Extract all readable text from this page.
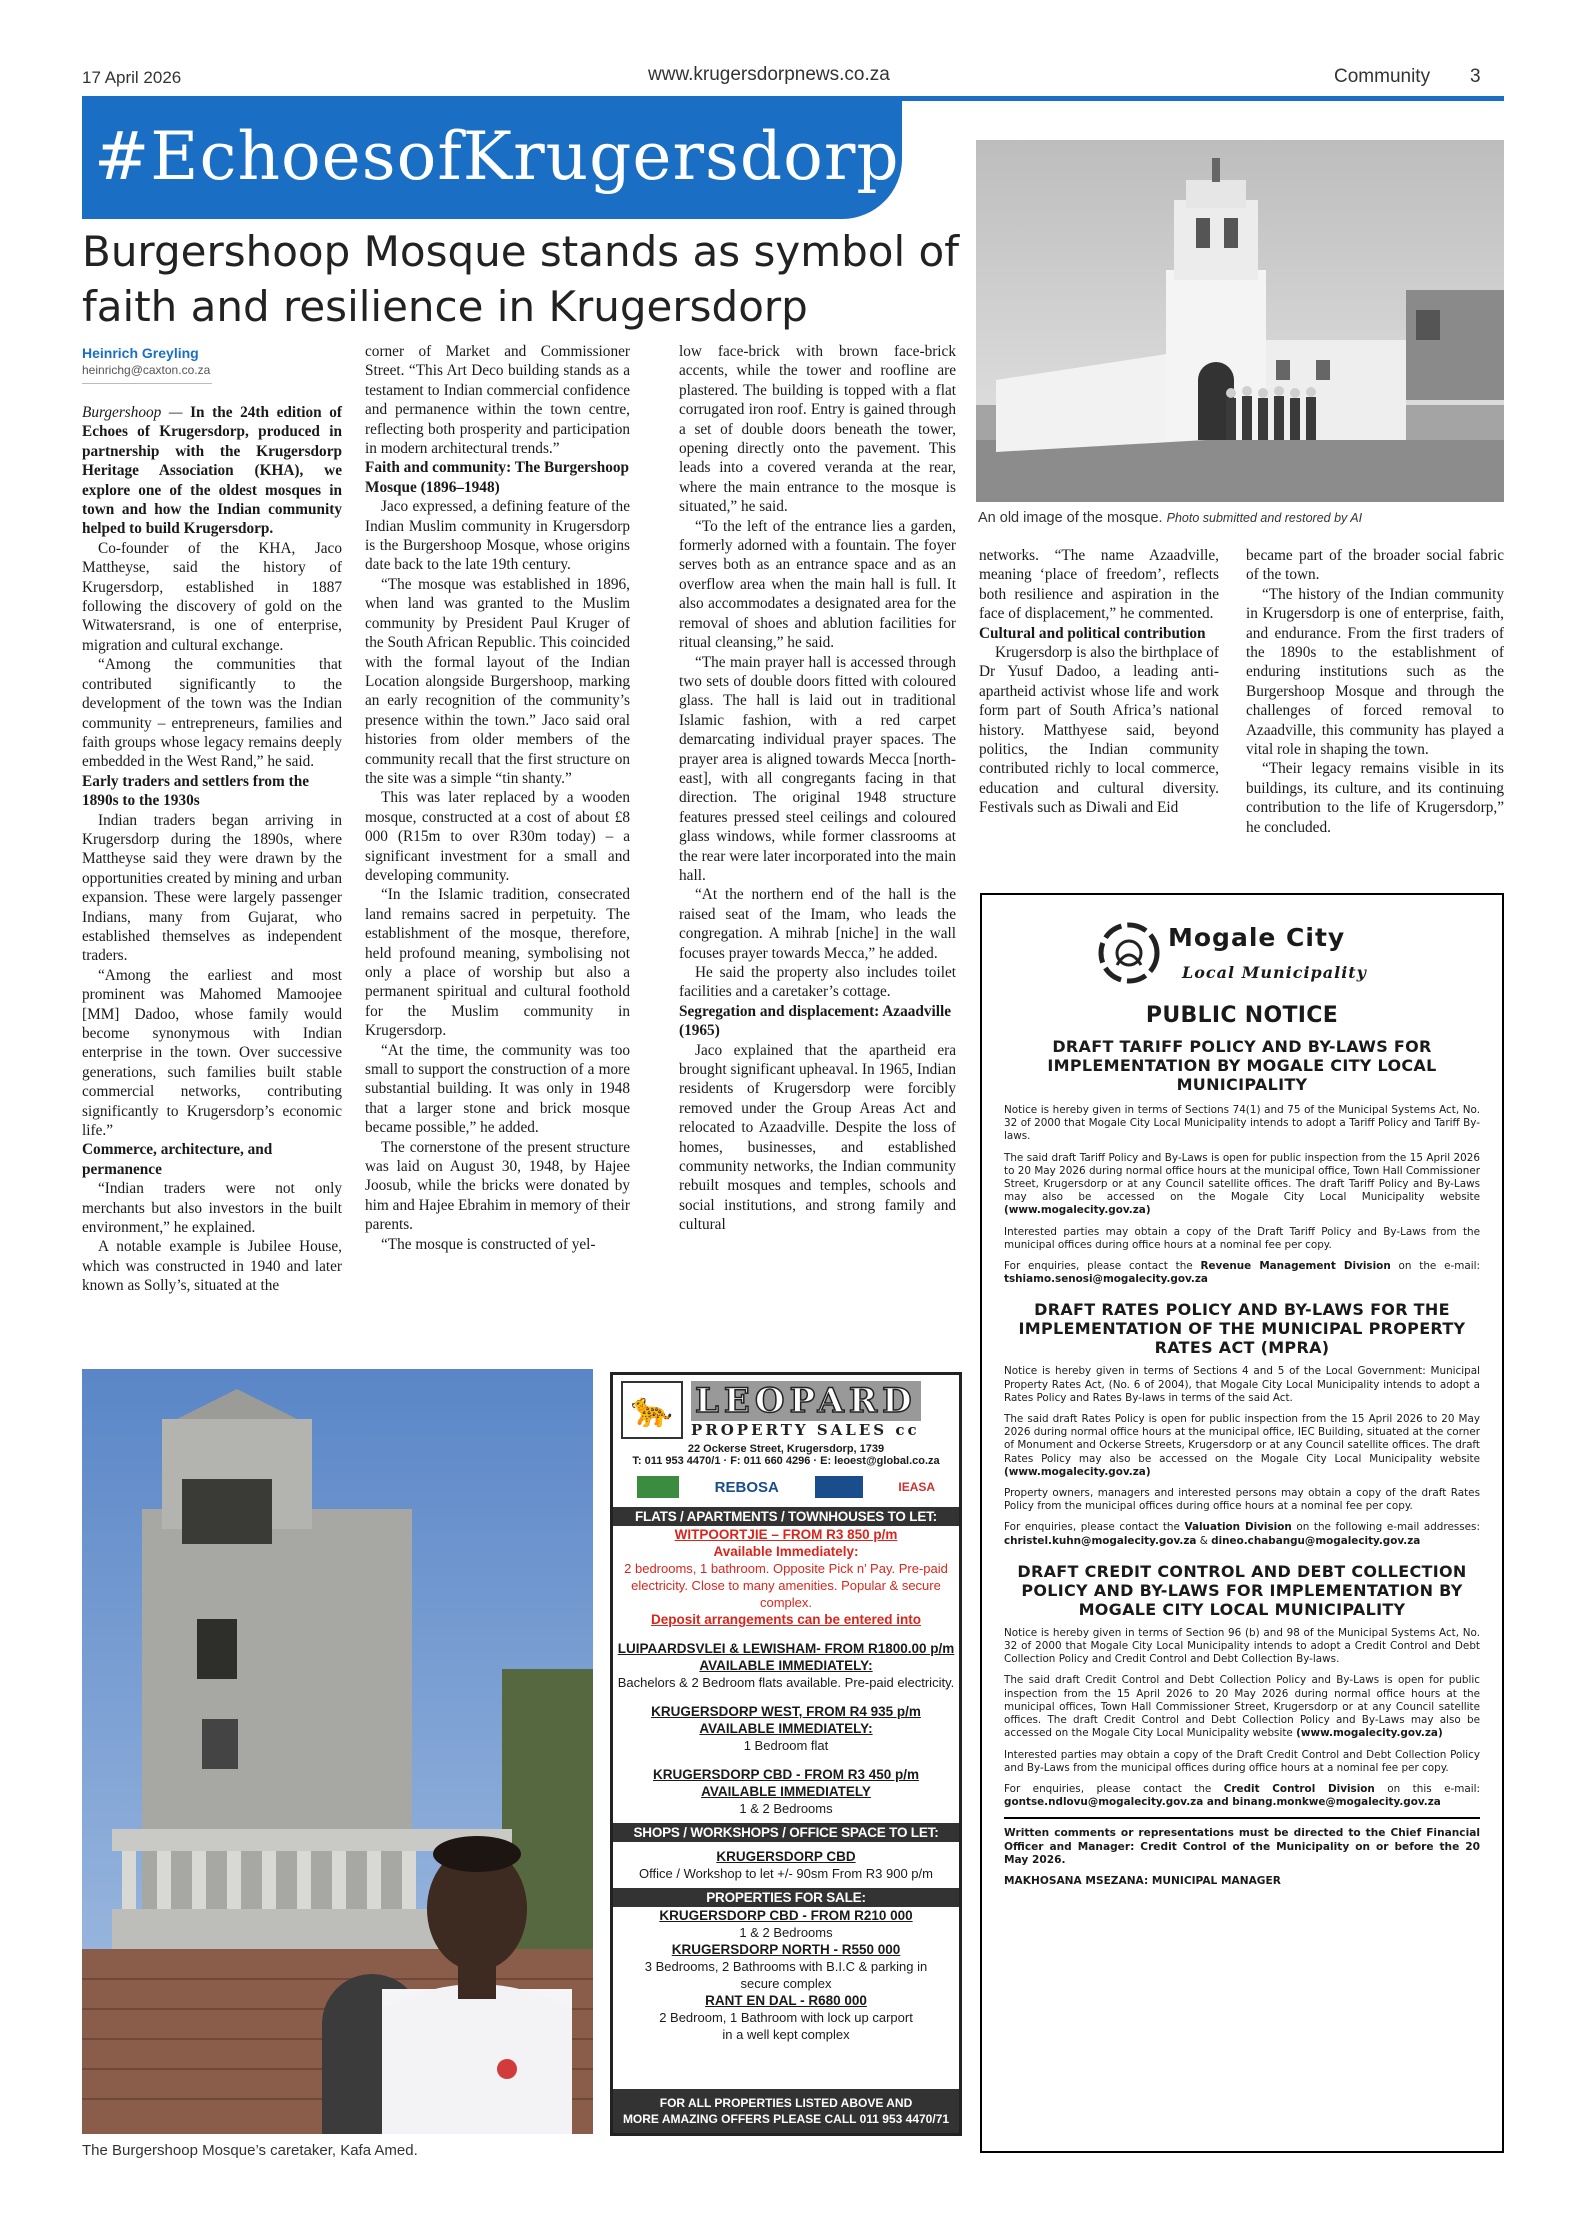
17 April 2026	www.krugersdorpnews.co.za	Community 3
#EchoesofKrugersdorp
Burgershoop Mosque stands as symbol of faith and resilience in Krugersdorp
Heinrich Greyling
heinrichg@caxton.co.za
An old image of the mosque. Photo submitted and restored by AI

Burgershoop — In the 24th edition of Echoes of Krugersdorp, produced in partnership with the Krugersdorp Heritage Association (KHA), we explore one of the oldest mosques in town and how the Indian community helped to build Krugersdorp.

Co-founder of the KHA, Jaco Mattheyse, said the history of Krugersdorp, established in 1887 following the discovery of gold on the Witwatersrand, is one of enterprise, migration and cultural exchange.

“Among the communities that contributed significantly to the development of the town was the Indian community – entrepreneurs, families and faith groups whose legacy remains deeply embedded in the West Rand,” he said.

Early traders and settlers from the 1890s to the 1930s

Indian traders began arriving in Krugersdorp during the 1890s, where Mattheyse said they were drawn by the opportunities created by mining and urban expansion. These were largely passenger Indians, many from Gujarat, who established themselves as independent traders.

“Among the earliest and most prominent was Mahomed Mamoojee [MM] Dadoo, whose family would become synonymous with Indian enterprise in the town. Over successive generations, such families built stable commercial networks, contributing significantly to Krugersdorp’s economic life.”

Commerce, architecture, and permanence

“Indian traders were not only merchants but also investors in the built environment,” he explained.

A notable example is Jubilee House, which was constructed in 1940 and later known as Solly’s, situated at the

corner of Market and Commissioner Street. “This Art Deco building stands as a testament to Indian commercial confidence and permanence within the town centre, reflecting both prosperity and participation in modern architectural trends.”

Faith and community: The Burgershoop Mosque (1896–1948)

Jaco expressed, a defining feature of the Indian Muslim community in Krugersdorp is the Burgershoop Mosque, whose origins date back to the late 19th century.

“The mosque was established in 1896, when land was granted to the Muslim community by President Paul Kruger of the South African Republic. This coincided with the formal layout of the Indian Location alongside Burgershoop, marking an early recognition of the community’s presence within the town.” Jaco said oral histories from older members of the community recall that the first structure on the site was a simple “tin shanty.”

This was later replaced by a wooden mosque, constructed at a cost of about £8 000 (R15m to over R30m today) – a significant investment for a small and developing community.

“In the Islamic tradition, consecrated land remains sacred in perpetuity. The establishment of the mosque, therefore, held profound meaning, symbolising not only a place of worship but also a permanent spiritual and cultural foothold for the Muslim community in Krugersdorp.

“At the time, the community was too small to support the construction of a more substantial building. It was only in 1948 that a larger stone and brick mosque became possible,” he added.

The cornerstone of the present structure was laid on August 30, 1948, by Hajee Joosub, while the bricks were donated by him and Hajee Ebrahim in memory of their parents.

“The mosque is constructed of yel-

low face-brick with brown face-brick accents, while the tower and roofline are plastered. The building is topped with a flat corrugated iron roof. Entry is gained through a set of double doors beneath the tower, opening directly onto the pavement. This leads into a covered veranda at the rear, where the main entrance to the mosque is situated,” he said.

“To the left of the entrance lies a garden, formerly adorned with a fountain. The foyer serves both as an entrance space and as an overflow area when the main hall is full. It also accommodates a designated area for the removal of shoes and ablution facilities for ritual cleansing,” he said.

“The main prayer hall is accessed through two sets of double doors fitted with coloured glass. The hall is laid out in traditional Islamic fashion, with a red carpet demarcating individual prayer spaces. The prayer area is aligned towards Mecca [north-east], with all congregants facing in that direction. The original 1948 structure features pressed steel ceilings and coloured glass windows, while former classrooms at the rear were later incorporated into the main hall.

“At the northern end of the hall is the raised seat of the Imam, who leads the congregation. A mihrab [niche] in the wall focuses prayer towards Mecca,” he added.

He said the property also includes toilet facilities and a caretaker’s cottage.

Segregation and displacement: Azaadville (1965)

Jaco explained that the apartheid era brought significant upheaval. In 1965, Indian residents of Krugersdorp were forcibly removed under the Group Areas Act and relocated to Azaadville. Despite the loss of homes, businesses, and established community networks, the Indian community rebuilt mosques and temples, schools and social institutions, and strong family and cultural

networks. “The name Azaadville, meaning ‘place of freedom’, reflects both resilience and aspiration in the face of displacement,” he commented.

Cultural and political contribution

Krugersdorp is also the birthplace of Dr Yusuf Dadoo, a leading anti-apartheid activist whose life and work form part of South Africa’s national history. Matthyese said, beyond politics, the Indian community contributed richly to local commerce, education and cultural diversity. Festivals such as Diwali and Eid

became part of the broader social fabric of the town.

“The history of the Indian community in Krugersdorp is one of enterprise, faith, and endurance. From the first traders of the 1890s to the establishment of enduring institutions such as the Burgershoop Mosque and through the challenges of forced removal to Azaadville, this community has played a vital role in shaping the town.

“Their legacy remains visible in its buildings, its culture, and its continuing contribution to the life of Krugersdorp,” he concluded.

The Burgershoop Mosque’s caretaker, Kafa Amed.
🐆 LEOPARD
PROPERTY SALES cc
22 Ockerse Street, Krugersdorp, 1739
T: 011 953 4470/1 · F: 011 660 4296 · E: leoest@global.co.za
REBOSA	IEASA
FLATS / APARTMENTS / TOWNHOUSES TO LET:
WITPOORTJIE – FROM R3 850 p/m
Available Immediately:
2 bedrooms, 1 bathroom. Opposite Pick n’ Pay. Pre-paid electricity. Close to many amenities. Popular & secure complex.
Deposit arrangements can be entered into
LUIPAARDSVLEI & LEWISHAM- FROM R1800.00 p/m
AVAILABLE IMMEDIATELY:
Bachelors & 2 Bedroom flats available. Pre-paid electricity.
KRUGERSDORP WEST, FROM R4 935 p/m
AVAILABLE IMMEDIATELY:
1 Bedroom flat
KRUGERSDORP CBD - FROM R3 450 p/m
AVAILABLE IMMEDIATELY
1 & 2 Bedrooms
SHOPS / WORKSHOPS / OFFICE SPACE TO LET:
KRUGERSDORP CBD
Office / Workshop to let +/- 90sm From R3 900 p/m
PROPERTIES FOR SALE:
KRUGERSDORP CBD - FROM R210 000
1 & 2 Bedrooms
KRUGERSDORP NORTH - R550 000
3 Bedrooms, 2 Bathrooms with B.I.C & parking in secure complex
RANT EN DAL - R680 000
2 Bedroom, 1 Bathroom with lock up carport in a well kept complex
FOR ALL PROPERTIES LISTED ABOVE AND
MORE AMAZING OFFERS PLEASE CALL 011 953 4470/71
Mogale City
Local Municipality
PUBLIC NOTICE
DRAFT TARIFF POLICY AND BY-LAWS FOR IMPLEMENTATION BY MOGALE CITY LOCAL MUNICIPALITY

Notice is hereby given in terms of Sections 74(1) and 75 of the Municipal Systems Act, No. 32 of 2000 that Mogale City Local Municipality intends to adopt a Tariff Policy and Tariff By-laws.

The said draft Tariff Policy and By-Laws is open for public inspection from the 15 April 2026 to 20 May 2026 during normal office hours at the municipal office, Town Hall Commissioner Street, Krugersdorp or at any Council satellite offices. The draft Tariff Policy and By-Laws may also be accessed on the Mogale City Local Municipality website (www.mogalecity.gov.za)

Interested parties may obtain a copy of the Draft Tariff Policy and By-Laws from the municipal offices during office hours at a nominal fee per copy.

For enquiries, please contact the Revenue Management Division on the e-mail: tshiamo.senosi@mogalecity.gov.za

DRAFT RATES POLICY AND BY-LAWS FOR THE IMPLEMENTATION OF THE MUNICIPAL PROPERTY RATES ACT (MPRA)

Notice is hereby given in terms of Sections 4 and 5 of the Local Government: Municipal Property Rates Act, (No. 6 of 2004), that Mogale City Local Municipality intends to adopt a Rates Policy and Rates By-laws in terms of the said Act.

The said draft Rates Policy is open for public inspection from the 15 April 2026 to 20 May 2026 during normal office hours at the municipal office, IEC Building, situated at the corner of Monument and Ockerse Streets, Krugersdorp or at any Council satellite offices. The draft Rates Policy may also be accessed on the Mogale City Local Municipality website (www.mogalecity.gov.za)

Property owners, managers and interested persons may obtain a copy of the draft Rates Policy from the municipal offices during office hours at a nominal fee per copy.

For enquiries, please contact the Valuation Division on the following e-mail addresses: christel.kuhn@mogalecity.gov.za & dineo.chabangu@mogalecity.gov.za

DRAFT CREDIT CONTROL AND DEBT COLLECTION POLICY AND BY-LAWS FOR IMPLEMENTATION BY MOGALE CITY LOCAL MUNICIPALITY

Notice is hereby given in terms of Section 96 (b) and 98 of the Municipal Systems Act, No. 32 of 2000 that Mogale City Local Municipality intends to adopt a Credit Control and Debt Collection Policy and Credit Control and Debt Collection By-laws.

The said draft Credit Control and Debt Collection Policy and By-Laws is open for public inspection from the 15 April 2026 to 20 May 2026 during normal office hours at the municipal offices, Town Hall Commissioner Street, Krugersdorp or at any Council satellite offices. The draft Credit Control and Debt Collection Policy and By-Laws may also be accessed on the Mogale City Local Municipality website (www.mogalecity.gov.za)

Interested parties may obtain a copy of the Draft Credit Control and Debt Collection Policy and By-Laws from the municipal offices during office hours at a nominal fee per copy.

For enquiries, please contact the Credit Control Division on this e-mail: gontse.ndlovu@mogalecity.gov.za and binang.monkwe@mogalecity.gov.za

Written comments or representations must be directed to the Chief Financial Officer and Manager: Credit Control of the Municipality on or before the 20 May 2026.

MAKHOSANA MSEZANA: MUNICIPAL MANAGER
